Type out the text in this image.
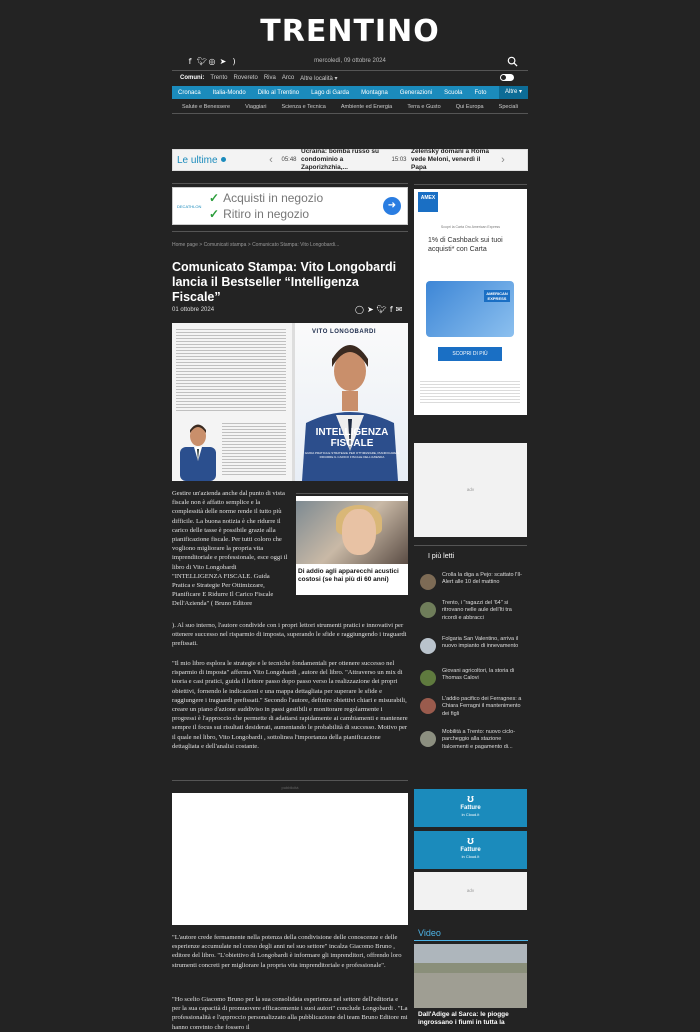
TRENTINO
f 🐦︎ ◎ ➤ )	mercoledì, 09 ottobre 2024
Comuni: Trento Rovereto Riva Arco Altre località ▾
Cronaca	Italia-Mondo	Dillo al Trentino	Lago di Garda	Montagna	Generazioni	Scuola	Foto	Altre ▾
Salute e Benessere	Viaggiari	Scienza e Tecnica	Ambiente ed Energia	Terra e Gusto	Qui Europa	Speciali
Le ultime	‹	05:48
Ucraina: bomba russo su condominio a Zaporizhzhia,...
15:03
Zelensky domani a Roma vede Meloni, venerdì il Papa
›
DECATHLON
✓ Acquisti in negozio
✓ Ritiro in negozio
➜
Home page > Comunicati stampa > Comunicato Stampa: Vito Longobardi...
Comunicato Stampa: Vito Longobardi lancia il Bestseller “Intelligenza Fiscale”
01 ottobre 2024	◯ ➤ 🐦︎ f ✉
VITO LONGOBARDI
INTELLIGENZA FISCALE
GUIDA PRATICA E STRATEGIE PER OTTIMIZZARE, PIANIFICARE E RIDURRE IL CARICO FISCALE DELL'AZIENDA
Gestire un'azienda anche dal punto di vista fiscale non è affatto semplice e la complessità delle norme rende il tutto più difficile. La buona notizia è che ridurre il carico delle tasse è possibile grazie alla pianificazione fiscale. Per tutti coloro che vogliono migliorare la propria vita imprenditoriale e professionale, esce oggi il libro di Vito Longobardi "INTELLIGENZA FISCALE. Guida Pratica e Strategie Per Ottimizzare, Pianificare E Ridurre Il Carico Fiscale Dell'Azienda" ( Bruno Editore
). Al suo interno, l'autore condivide con i propri lettori strumenti pratici e innovativi per ottenere successo nel risparmio di imposta, superando le sfide e raggiungendo i traguardi prefissati.
Di addio agli apparecchi acustici costosi (se hai più di 60 anni)
"Il mio libro esplora le strategie e le tecniche fondamentali per ottenere successo nel risparmio di imposta" afferma Vito Longobardi , autore del libro. "Attraverso un mix di teoria e casi pratici, guida il lettore passo dopo passo verso la realizzazione dei propri obiettivi, fornendo le indicazioni e una mappa dettagliata per superare le sfide e raggiungere i traguardi prefissati." Secondo l'autore, definire obiettivi chiari e misurabili, creare un piano d'azione suddiviso in passi gestibili e monitorare regolarmente i progressi è l'approccio che permette di adattarsi rapidamente ai cambiamenti e mantenere sempre il focus sui risultati desiderati, aumentando le probabilità di successo. Motivo per il quale nel libro, Vito Longobardi , sottolinea l'importanza della pianificazione dettagliata e dell'analisi costante.
pubblicità
"L'autore crede fermamente nella potenza della condivisione delle conoscenze e delle esperienze accumulate nel corso degli anni nel suo settore" incalza Giacomo Bruno , editore del libro. "L'obiettivo di Longobardi è informare gli imprenditori, offrendo loro strumenti concreti per migliorare la propria vita imprenditoriale e professionale".
"Ho scelto Giacomo Bruno per la sua consolidata esperienza nel settore dell'editoria e per la sua capacità di promuovere efficacemente i suoi autori" conclude Longobardi . "La professionalità e l'approccio personalizzato alla pubblicazione del team Bruno Editore mi hanno convinto che fossero il
AMEX
Scopri la Carta Oro American Express
1% di Cashback sui tuoi acquisti* con Carta
AMERICAN EXPRESS
SCOPRI DI PIÙ
adv
I più letti
Crolla la diga a Pejo: scattato l'Il-Alert alle 10 del mattino
Trento, i "ragazzi del '64" si ritrovano nelle aule dell'Iti tra ricordi e abbracci
Folgaria San Valentino, arriva il nuovo impianto di innevamento
Giovani agricoltori, la storia di Thomas Calovi
L'addio pacifico dei Ferragnes: a Chiara Ferragni il mantenimento dei figli
Mobilità a Trento: nuovo ciclo-parcheggio alla stazione Italcementi e pagamento di...
ʊ
Fatture
in Cloud.it
ʊ
Fatture
in Cloud.it
adv
Video
Dall'Adige al Sarca: le piogge ingrossano i fiumi in tutta la
